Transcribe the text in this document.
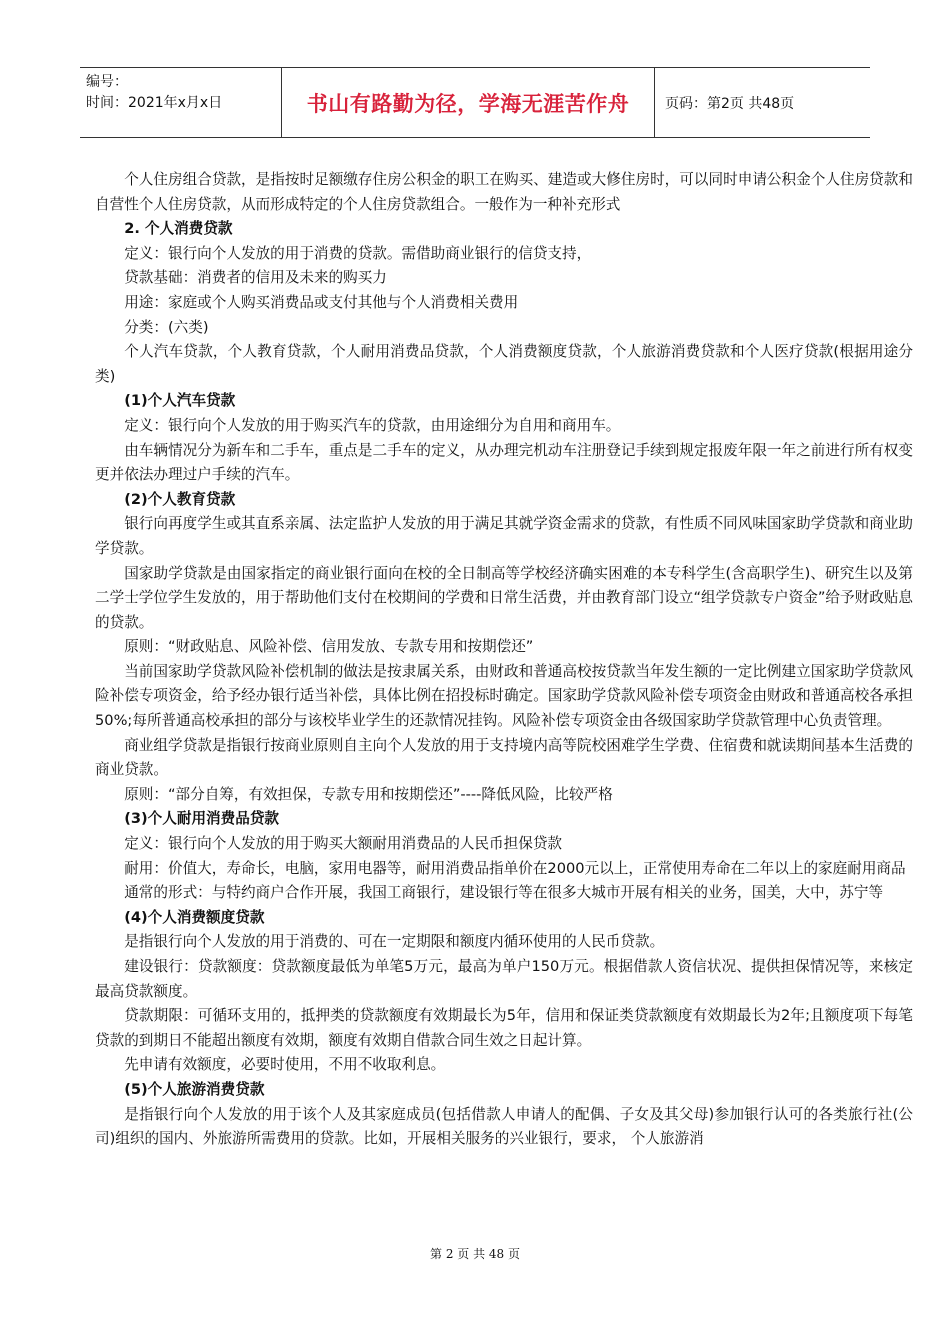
编号：
时间：2021年x月x日	书山有路勤为径，学海无涯苦作舟	页码：第2页 共48页

个人住房组合贷款，是指按时足额缴存住房公积金的职工在购买、建造或大修住房时，可以同时申请公积金个人住房贷款和自营性个人住房贷款，从而形成特定的个人住房贷款组合。一般作为一种补充形式

2. 个人消费贷款

定义：银行向个人发放的用于消费的贷款。需借助商业银行的信贷支持，

贷款基础：消费者的信用及未来的购买力

用途：家庭或个人购买消费品或支付其他与个人消费相关费用

分类：(六类)

个人汽车贷款，个人教育贷款，个人耐用消费品贷款，个人消费额度贷款，个人旅游消费贷款和个人医疗贷款(根据用途分类)

(1)个人汽车贷款

定义：银行向个人发放的用于购买汽车的贷款，由用途细分为自用和商用车。

由车辆情况分为新车和二手车，重点是二手车的定义，从办理完机动车注册登记手续到规定报废年限一年之前进行所有权变更并依法办理过户手续的汽车。

(2)个人教育贷款

银行向再度学生或其直系亲属、法定监护人发放的用于满足其就学资金需求的贷款，有性质不同风味国家助学贷款和商业助学贷款。

国家助学贷款是由国家指定的商业银行面向在校的全日制高等学校经济确实困难的本专科学生(含高职学生)、研究生以及第二学士学位学生发放的，用于帮助他们支付在校期间的学费和日常生活费，并由教育部门设立“组学贷款专户资金”给予财政贴息的贷款。

原则：“财政贴息、风险补偿、信用发放、专款专用和按期偿还”

当前国家助学贷款风险补偿机制的做法是按隶属关系，由财政和普通高校按贷款当年发生额的一定比例建立国家助学贷款风险补偿专项资金，给予经办银行适当补偿，具体比例在招投标时确定。国家助学贷款风险补偿专项资金由财政和普通高校各承担50%;每所普通高校承担的部分与该校毕业学生的还款情况挂钩。风险补偿专项资金由各级国家助学贷款管理中心负责管理。

商业组学贷款是指银行按商业原则自主向个人发放的用于支持境内高等院校困难学生学费、住宿费和就读期间基本生活费的商业贷款。

原则：“部分自筹，有效担保，专款专用和按期偿还”----降低风险，比较严格

(3)个人耐用消费品贷款

定义：银行向个人发放的用于购买大额耐用消费品的人民币担保贷款

耐用：价值大，寿命长，电脑，家用电器等，耐用消费品指单价在2000元以上，正常使用寿命在二年以上的家庭耐用商品

通常的形式：与特约商户合作开展，我国工商银行，建设银行等在很多大城市开展有相关的业务，国美，大中，苏宁等

(4)个人消费额度贷款

是指银行向个人发放的用于消费的、可在一定期限和额度内循环使用的人民币贷款。

建设银行：贷款额度：贷款额度最低为单笔5万元，最高为单户150万元。根据借款人资信状况、提供担保情况等，来核定最高贷款额度。

贷款期限：可循环支用的，抵押类的贷款额度有效期最长为5年，信用和保证类贷款额度有效期最长为2年;且额度项下每笔贷款的到期日不能超出额度有效期，额度有效期自借款合同生效之日起计算。

先申请有效额度，必要时使用，不用不收取利息。

(5)个人旅游消费贷款

是指银行向个人发放的用于该个人及其家庭成员(包括借款人申请人的配偶、子女及其父母)参加银行认可的各类旅行社(公司)组织的国内、外旅游所需费用的贷款。比如，开展相关服务的兴业银行，要求， 个人旅游消

第 2 页 共 48 页
